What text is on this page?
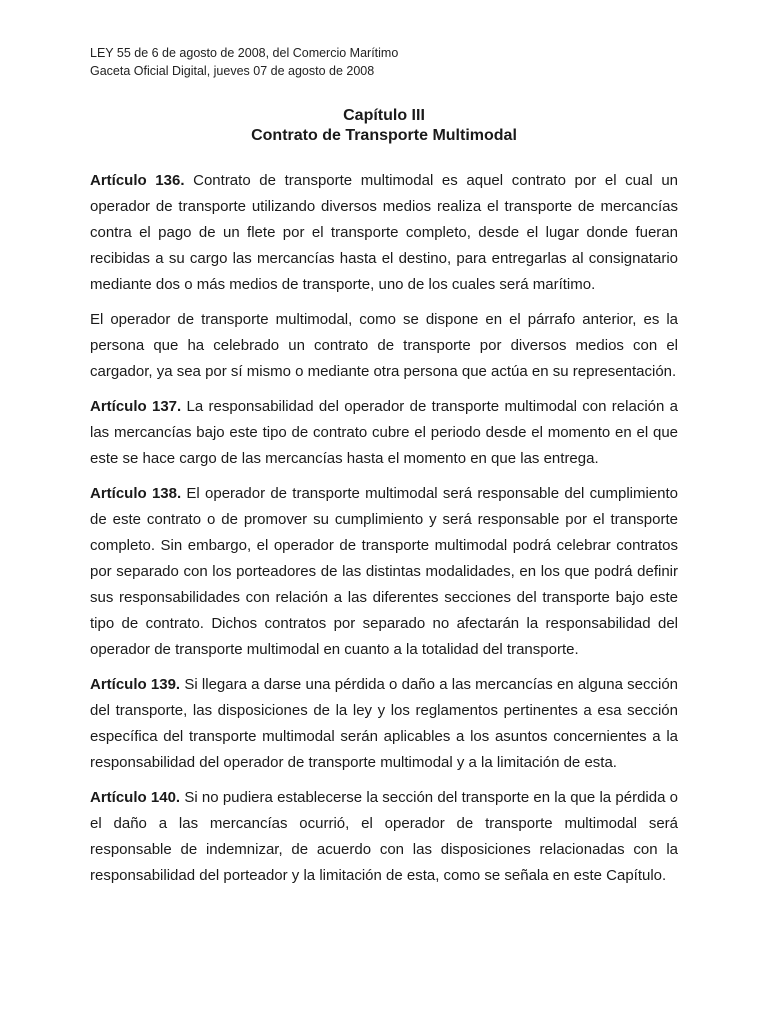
LEY 55 de 6 de agosto de 2008, del Comercio Marítimo
Gaceta Oficial Digital, jueves 07 de agosto de 2008
Capítulo III
Contrato de Transporte Multimodal

Artículo 136. Contrato de transporte multimodal es aquel contrato por el cual un operador de transporte utilizando diversos medios realiza el transporte de mercancías contra el pago de un flete por el transporte completo, desde el lugar donde fueran recibidas a su cargo las mercancías hasta el destino, para entregarlas al consignatario mediante dos o más medios de transporte, uno de los cuales será marítimo.

El operador de transporte multimodal, como se dispone en el párrafo anterior, es la persona que ha celebrado un contrato de transporte por diversos medios con el cargador, ya sea por sí mismo o mediante otra persona que actúa en su representación.

Artículo 137. La responsabilidad del operador de transporte multimodal con relación a las mercancías bajo este tipo de contrato cubre el periodo desde el momento en el que este se hace cargo de las mercancías hasta el momento en que las entrega.

Artículo 138. El operador de transporte multimodal será responsable del cumplimiento de este contrato o de promover su cumplimiento y será responsable por el transporte completo. Sin embargo, el operador de transporte multimodal podrá celebrar contratos por separado con los porteadores de las distintas modalidades, en los que podrá definir sus responsabilidades con relación a las diferentes secciones del transporte bajo este tipo de contrato. Dichos contratos por separado no afectarán la responsabilidad del operador de transporte multimodal en cuanto a la totalidad del transporte.

Artículo 139. Si llegara a darse una pérdida o daño a las mercancías en alguna sección del transporte, las disposiciones de la ley y los reglamentos pertinentes a esa sección específica del transporte multimodal serán aplicables a los asuntos concernientes a la responsabilidad del operador de transporte multimodal y a la limitación de esta.

Artículo 140. Si no pudiera establecerse la sección del transporte en la que la pérdida o el daño a las mercancías ocurrió, el operador de transporte multimodal será responsable de indemnizar, de acuerdo con las disposiciones relacionadas con la responsabilidad del porteador y la limitación de esta, como se señala en este Capítulo.
